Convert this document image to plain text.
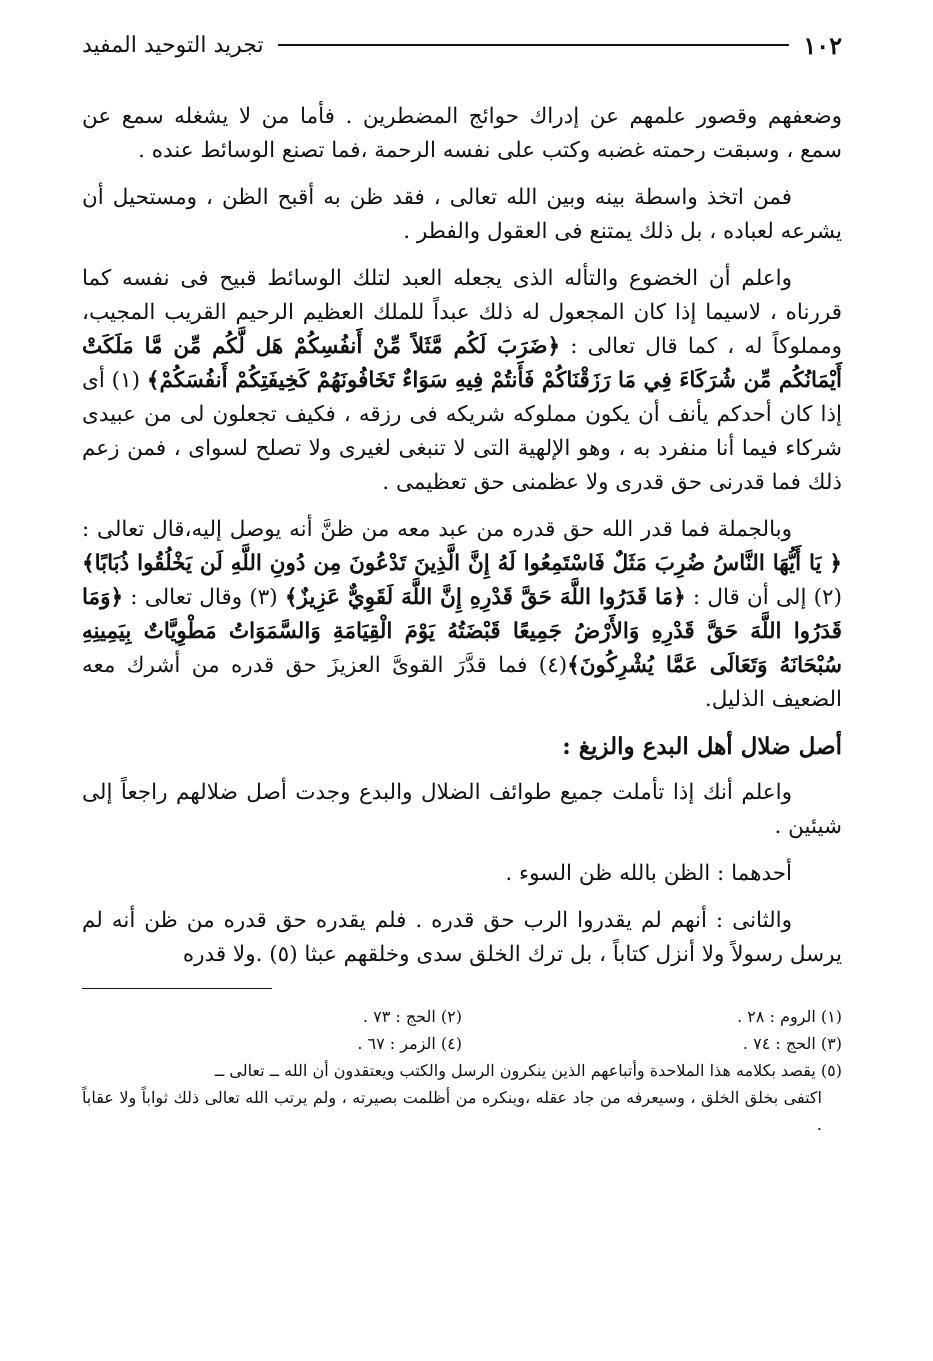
١٠٢
تجريد التوحيد المفيد

وضعفهم وقصور علمهم عن إدراك حوائج المضطرين . فأما من لا يشغله سمع عن سمع ، وسبقت رحمته غضبه وكتب على نفسه الرحمة ،فما تصنع الوسائط عنده .

فمن اتخذ واسطة بينه وبين الله تعالى ، فقد ظن به أقبح الظن ، ومستحيل أن يشرعه لعباده ، بل ذلك يمتنع فى العقول والفطر .

واعلم أن الخضوع والتأله الذى يجعله العبد لتلك الوسائط قبيح فى نفسه كما قررناه ، لاسيما إذا كان المجعول له ذلك عبداً للملك العظيم الرحيم القريب المجيب، ومملوكاً له ، كما قال تعالى : ﴿ضَرَبَ لَكُم مَّثَلاً مِّنْ أَنفُسِكُمْ هَل لَّكُم مِّن مَّا مَلَكَتْ أَيْمَانُكُم مِّن شُرَكَاءَ فِي مَا رَزَقْنَاكُمْ فَأَنتُمْ فِيهِ سَوَاءٌ تَخَافُونَهُمْ كَخِيفَتِكُمْ أَنفُسَكُمْ﴾ (١) أى إذا كان أحدكم يأنف أن يكون مملوكه شريكه فى رزقه ، فكيف تجعلون لى من عبيدى شركاء فيما أنا منفرد به ، وهو الإلهية التى لا تنبغى لغيرى ولا تصلح لسواى ، فمن زعم ذلك فما قدرنى حق قدرى ولا عظمنى حق تعظيمى .

وبالجملة فما قدر الله حق قدره من عبد معه من ظنَّ أنه يوصل إليه،قال تعالى : ﴿ يَا أَيُّهَا النَّاسُ ضُرِبَ مَثَلٌ فَاسْتَمِعُوا لَهُ إِنَّ الَّذِينَ تَدْعُونَ مِن دُونِ اللَّهِ لَن يَخْلُقُوا ذُبَابًا﴾(٢) إلى أن قال : ﴿مَا قَدَرُوا اللَّهَ حَقَّ قَدْرِهِ إِنَّ اللَّهَ لَقَوِيٌّ عَزِيزٌ﴾ (٣) وقال تعالى : ﴿وَمَا قَدَرُوا اللَّهَ حَقَّ قَدْرِهِ وَالأَرْضُ جَمِيعًا قَبْضَتُهُ يَوْمَ الْقِيَامَةِ وَالسَّمَوَاتُ مَطْوِيَّاتٌ بِيَمِينِهِ سُبْحَانَهُ وَتَعَالَى عَمَّا يُشْرِكُونَ﴾(٤) فما قدَّرَ القوىَّ العزيزَ حق قدره من أشرك معه الضعيف الذليل.

أصل ضلال أهل البدع والزيغ :

واعلم أنك إذا تأملت جميع طوائف الضلال والبدع وجدت أصل ضلالهم راجعاً إلى شيئين .

أحدهما : الظن بالله ظن السوء .

والثانى : أنهم لم يقدروا الرب حق قدره . فلم يقدره حق قدره من ظن أنه لم يرسل رسولاً ولا أنزل كتاباً ، بل ترك الخلق سدى وخلقهم عبثا (٥) .ولا قدره

(١) الروم : ٢٨ .
(٢) الحج : ٧٣ .
(٣) الحج : ٧٤ .
(٤) الزمر : ٦٧ .
(٥) يقصد بكلامه هذا الملاحدة وأتباعهم الذين ينكرون الرسل والكتب ويعتقدون أن الله ــ تعالى ــ
اكتفى بخلق الخلق ، وسيعرفه من جاد عقله ،وينكره من أظلمت بصيرته ، ولم يرتب الله تعالى ذلك ثواباً ولا عقاباً .
